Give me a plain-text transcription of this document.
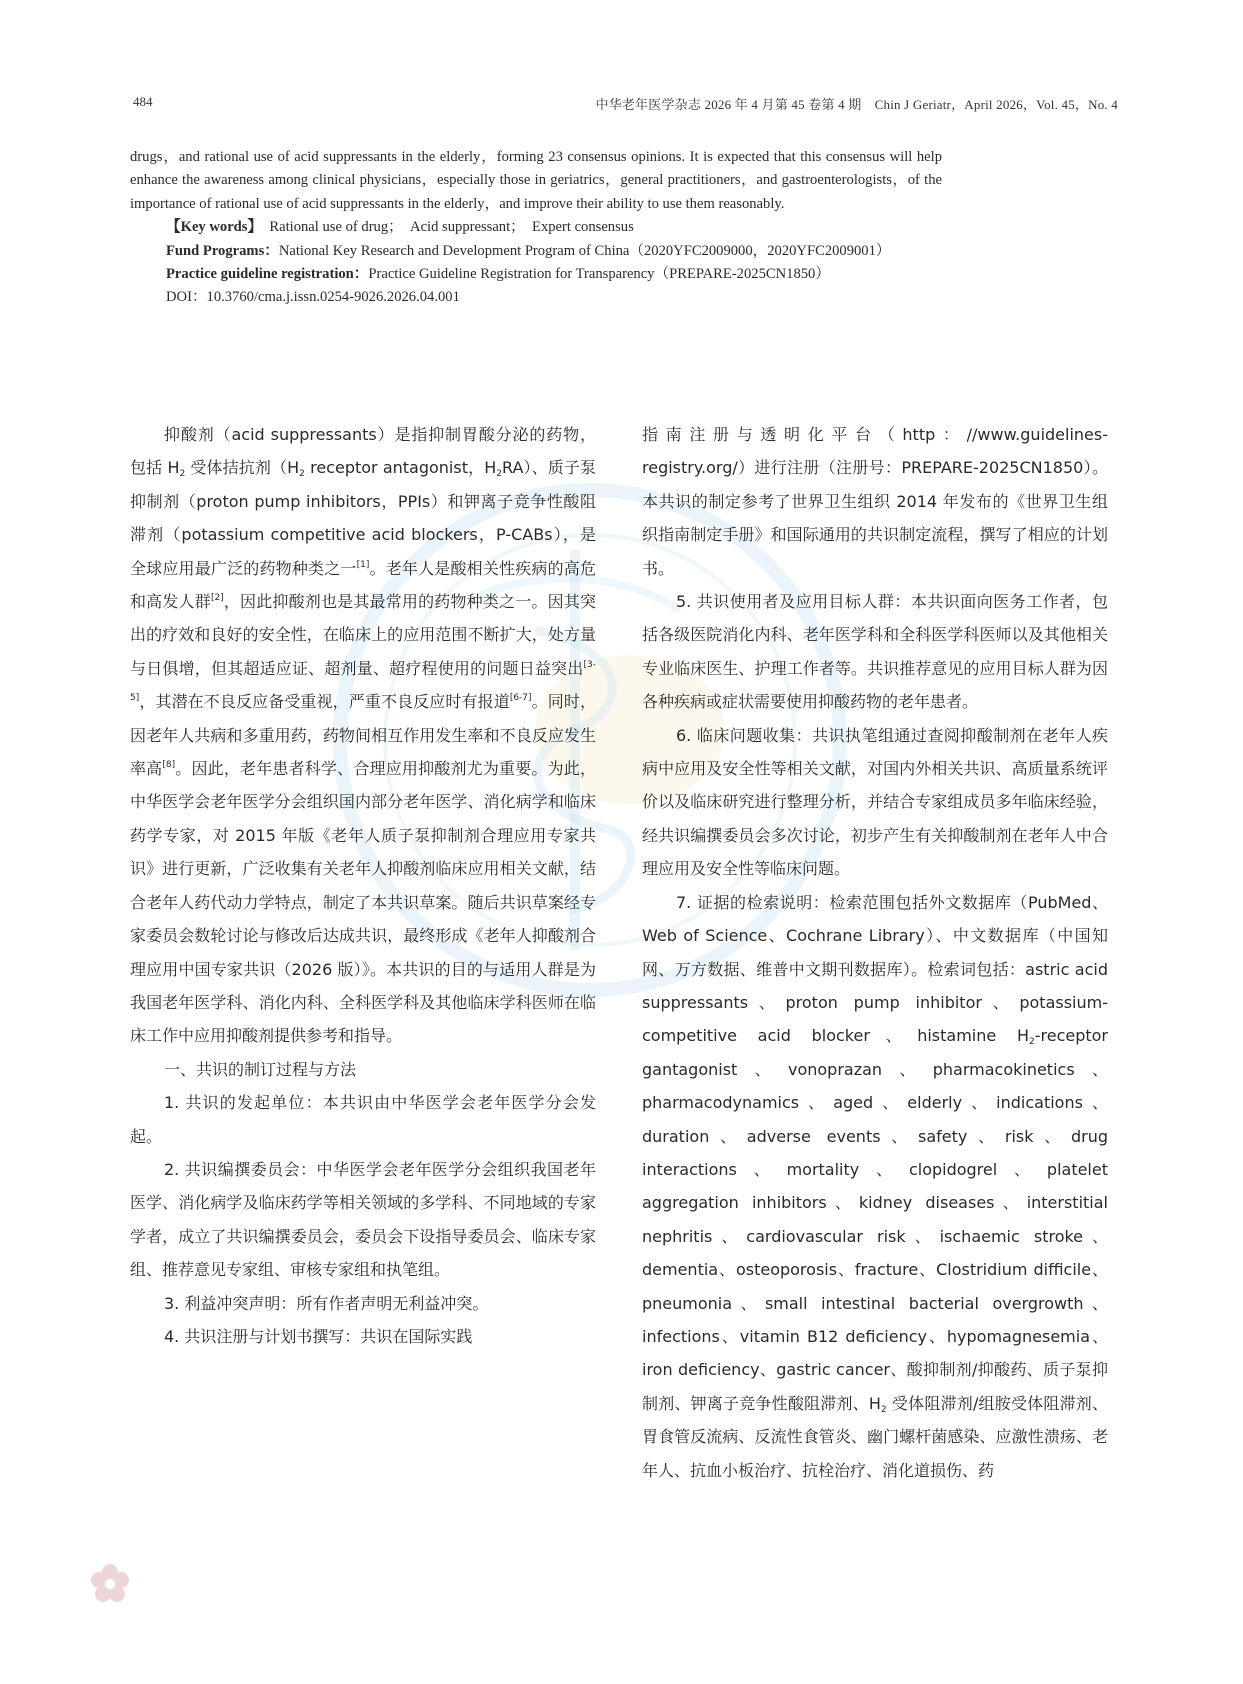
484	中华老年医学杂志 2026 年 4 月第 45 卷第 4 期　Chin J Geriatr，April 2026，Vol. 45，No. 4

drugs，and rational use of acid suppressants in the elderly，forming 23 consensus opinions. It is expected that this consensus will help enhance the awareness among clinical physicians，especially those in geriatrics，general practitioners，and gastroenterologists，of the importance of rational use of acid suppressants in the elderly，and improve their ability to use them reasonably.

【Key words】　 Rational use of drug；　Acid suppressant；　Expert consensus

Fund Programs：National Key Research and Development Program of China（2020YFC2009000，2020YFC2009001）

Practice guideline registration：Practice Guideline Registration for Transparency（PREPARE-2025CN1850）

DOI：10.3760/cma.j.issn.0254-9026.2026.04.001

抑酸剂（acid suppressants）是指抑制胃酸分泌的药物，包括 $H_2$ 受体拮抗剂（$H_2$ receptor antagonist，$H_2RA$）、质子泵抑制剂（proton pump inhibitors，PPIs）和钾离子竞争性酸阻滞剂（potassium competitive acid blockers，P-CABs），是全球应用最广泛的药物种类之一[1]。老年人是酸相关性疾病的高危和高发人群[2]，因此抑酸剂也是其最常用的药物种类之一。因其突出的疗效和良好的安全性，在临床上的应用范围不断扩大，处方量与日俱增，但其超适应证、超剂量、超疗程使用的问题日益突出[3-5]，其潜在不良反应备受重视，严重不良反应时有报道[6-7]。同时，因老年人共病和多重用药，药物间相互作用发生率和不良反应发生率高[8]。因此，老年患者科学、合理应用抑酸剂尤为重要。为此，中华医学会老年医学分会组织国内部分老年医学、消化病学和临床药学专家，对 2015 年版《老年人质子泵抑制剂合理应用专家共识》进行更新，广泛收集有关老年人抑酸剂临床应用相关文献，结合老年人药代动力学特点，制定了本共识草案。随后共识草案经专家委员会数轮讨论与修改后达成共识，最终形成《老年人抑酸剂合理应用中国专家共识（2026 版）》。本共识的目的与适用人群是为我国老年医学科、消化内科、全科医学科及其他临床学科医师在临床工作中应用抑酸剂提供参考和指导。

一、共识的制订过程与方法

1. 共识的发起单位：本共识由中华医学会老年医学分会发起。

2. 共识编撰委员会：中华医学会老年医学分会组织我国老年医学、消化病学及临床药学等相关领域的多学科、不同地域的专家学者，成立了共识编撰委员会，委员会下设指导委员会、临床专家组、推荐意见专家组、审核专家组和执笔组。

3. 利益冲突声明：所有作者声明无利益冲突。

4. 共识注册与计划书撰写：共识在国际实践

指南注册与透明化平台（http：//www.guidelines-registry.org/）进行注册（注册号：PREPARE-2025CN1850）。本共识的制定参考了世界卫生组织 2014 年发布的《世界卫生组织指南制定手册》和国际通用的共识制定流程，撰写了相应的计划书。

5. 共识使用者及应用目标人群：本共识面向医务工作者，包括各级医院消化内科、老年医学科和全科医学科医师以及其他相关专业临床医生、护理工作者等。共识推荐意见的应用目标人群为因各种疾病或症状需要使用抑酸药物的老年患者。

6. 临床问题收集：共识执笔组通过查阅抑酸制剂在老年人疾病中应用及安全性等相关文献，对国内外相关共识、高质量系统评价以及临床研究进行整理分析，并结合专家组成员多年临床经验，经共识编撰委员会多次讨论，初步产生有关抑酸制剂在老年人中合理应用及安全性等临床问题。

7. 证据的检索说明：检索范围包括外文数据库（PubMed、Web of Science、Cochrane Library）、中文数据库（中国知网、万方数据、维普中文期刊数据库）。检索词包括：astric acid suppressants、proton pump inhibitor、potassium-competitive acid blocker、histamine $H_2$-receptor gantagonist、vonoprazan、pharmacokinetics、pharmacodynamics、aged、elderly、indications、duration、adverse events、safety、risk、drug interactions、mortality、clopidogrel、platelet aggregation inhibitors、kidney diseases、interstitial nephritis、cardiovascular risk、ischaemic stroke、dementia、osteoporosis、fracture、Clostridium difficile、pneumonia、small intestinal bacterial overgrowth、infections、vitamin B12 deficiency、hypomagnesemia、iron deficiency、gastric cancer、酸抑制剂/抑酸药、质子泵抑制剂、钾离子竞争性酸阻滞剂、$H_2$ 受体阻滞剂/组胺受体阻滞剂、胃食管反流病、反流性食管炎、幽门螺杆菌感染、应激性溃疡、老年人、抗血小板治疗、抗栓治疗、消化道损伤、药
